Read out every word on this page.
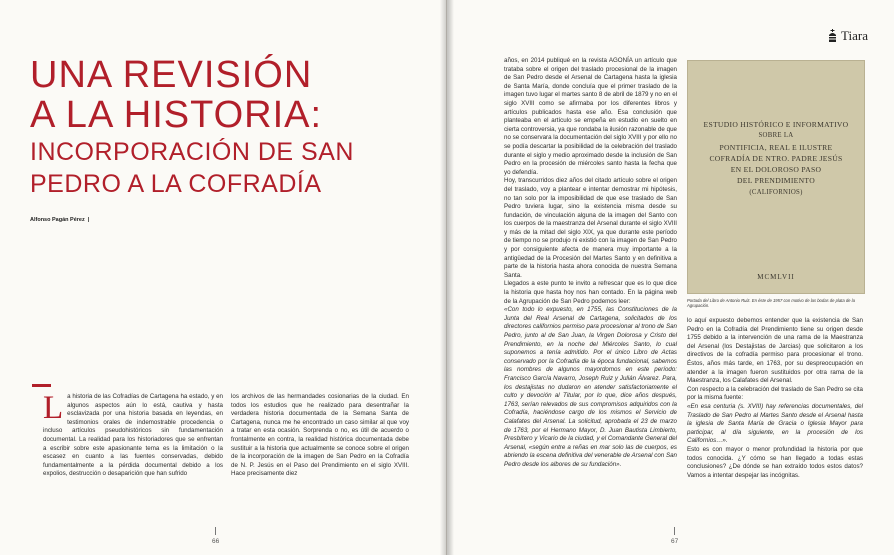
UNA REVISIÓN
A LA HISTORIA:
INCORPORACIÓN DE SAN
PEDRO A LA COFRADÍA
Alfonso Pagán Pérez |
La historia de las Cofradías de Cartagena ha estado, y en algunos aspectos aún lo está, cautiva y hasta esclavizada por una historia basada en leyendas, en testimonios orales de indemostrable procedencia o incluso artículos pseudohistóricos sin fundamentación documental. La realidad para los historiadores que se enfrentan a escribir sobre este apasionante tema es la limitación o la escasez en cuanto a las fuentes conservadas, debido fundamentalmente a la pérdida documental debido a los expolios, destrucción o desaparición que han sufrido
los archivos de las hermandades cosionarias de la ciudad. En todos los estudios que he realizado para desentrañar la verdadera historia documentada de la Semana Santa de Cartagena, nunca me he encontrado un caso similar al que voy a tratar en esta ocasión. Sorprenda o no, es útil de acuerdo o frontalmente en contra, la realidad histórica documentada debe sustituir a la historia que actualmente se conoce sobre el origen de la incorporación de la imagen de San Pedro en la Cofradía de N. P. Jesús en el Paso del Prendimiento en el siglo XVIII. Hace precisamente diez
66
Tiara
años, en 2014 publiqué en la revista AGONÍA un artículo que trataba sobre el origen del traslado procesional de la imagen de San Pedro desde el Arsenal de Cartagena hasta la iglesia de Santa María, donde concluía que el primer traslado de la imagen tuvo lugar el martes santo 8 de abril de 1879 y no en el siglo XVIII como se afirmaba por los diferentes libros y artículos publicados hasta ese año. Esa conclusión que planteaba en el artículo se empeña en estudio en suelto en cierta controversia, ya que rondaba la ilusión razonable de que no se conservara la documentación del siglo XVIII y por ello no se podía descartar la posibilidad de la celebración del traslado durante el siglo y medio aproximado desde la inclusión de San Pedro en la procesión de miércoles santo hasta la fecha que yo defendía.
Hoy, transcurridos diez años del citado artículo sobre el origen del traslado, voy a plantear e intentar demostrar mi hipótesis, no tan solo por la imposibilidad de que ese traslado de San Pedro tuviera lugar, sino la existencia misma desde su fundación, de vinculación alguna de la imagen del Santo con los cuerpos de la maestranza del Arsenal durante el siglo XVIII y más de la mitad del siglo XIX, ya que durante este período de tiempo no se produjo ni existió con la imagen de San Pedro y por consiguiente afecta de manera muy importante a la antigüedad de la Procesión del Martes Santo y en definitiva a parte de la historia hasta ahora conocida de nuestra Semana Santa.
Llegados a este punto te invito a refrescar que es lo que dice la historia que hasta hoy nos han contado. En la página web de la Agrupación de San Pedro podemos leer:
«Con todo lo expuesto, en 1755, las Constituciones de la Junta del Real Arsenal de Cartagena, solicitados de los directores californios permiso para procesionar al trono de San Pedro, junto al de San Juan, la Virgen Dolorosa y Cristo del Prendimiento, en la noche del Miércoles Santo, lo cual suponemos a tenía admitido. Por el único Libro de Actas conservado por la Cofradía de la época fundacional, sabemos las nombres de algunos mayordomos en este período: Francisco García Navarro, Joseph Ruiz y Julián Álvarez. Para, los destajistas no dudaron en atender satisfactoriamente el culto y devoción al Titular, por lo que, dice años después, 1763, serían relevados de sus compromisos adquiridos con la Cofradía, haciéndose cargo de los mismos el Servicio de Calafates del Arsenal. La solicitud, aprobada el 23 de marzo de 1763, por el Hermano Mayor, D. Juan Bautista Limbierto, Presbítero y Vicario de la ciudad, y el Comandante General del Arsenal, «según entre a reñas en mar solo las de cuerpos, es abriendo la escena definitiva del venerable de Arsenal con San Pedro desde los albores de su fundación».
ESTUDIO HISTÓRICO E INFORMATIVO
SOBRE LA
PONTIFICIA, REAL E ILUSTRE
COFRADÍA DE NTRO. PADRE JESÚS
EN EL DOLOROSO PASO
DEL PRENDIMIENTO
(CALIFORNIOS)
MCMLVII
Portada del Libro de Antonio Ruiz. En éste de 1957 con motivo de las bodas de plata de la Agrupación.
lo aquí expuesto debemos entender que la existencia de San Pedro en la Cofradía del Prendimiento tiene su origen desde 1755 debido a la intervención de una rama de la Maestranza del Arsenal (los Destajistas de Jarcias) que solicitaron a los directivos de la cofradía permiso para procesionar el trono. Éstos, años más tarde, en 1763, por su despreocupación en atender a la imagen fueron sustituidos por otra rama de la Maestranza, los Calafates del Arsenal.
Con respecto a la celebración del traslado de San Pedro se cita por la misma fuente:
«En esa centuria (s. XVIII) hay referencias documentales, del Traslado de San Pedro al Martes Santo desde el Arsenal hasta la iglesia de Santa María de Gracia o Iglesia Mayor para participar, al día siguiente, en la procesión de los Californios…».
Esto es con mayor o menor profundidad la historia por que todos conocida. ¿Y cómo se han llegado a todas estas conclusiones? ¿De dónde se han extraído todos estos datos? Vamos a intentar despejar las incógnitas.
67
